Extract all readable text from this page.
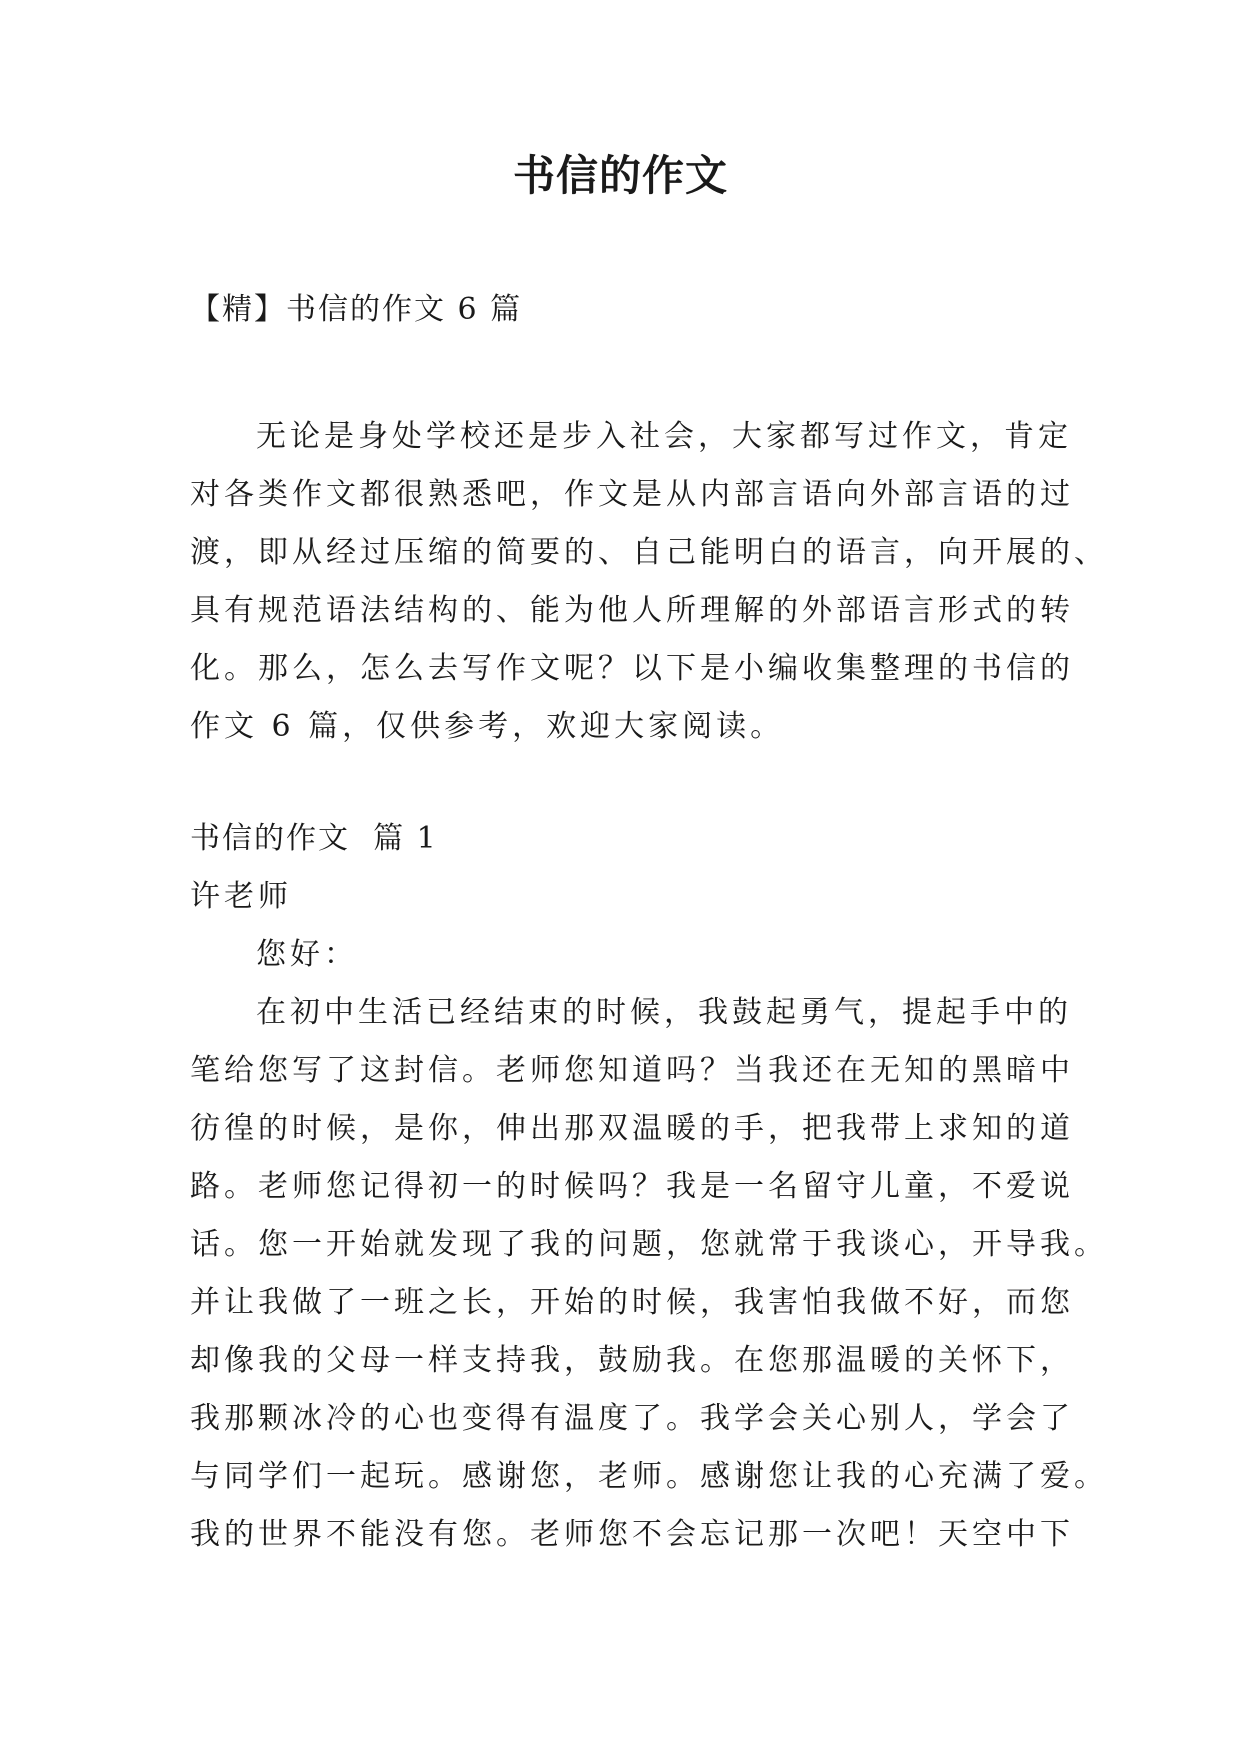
书信的作文
【精】书信的作文 6 篇
无论是身处学校还是步入社会，大家都写过作文，肯定
对各类作文都很熟悉吧，作文是从内部言语向外部言语的过
渡，即从经过压缩的简要的、自己能明白的语言，向开展的、
具有规范语法结构的、能为他人所理解的外部语言形式的转
化。那么，怎么去写作文呢？以下是小编收集整理的书信的
作文 6 篇，仅供参考，欢迎大家阅读。
书信的作文  篇 1
许老师
您好：
在初中生活已经结束的时候，我鼓起勇气，提起手中的
笔给您写了这封信。老师您知道吗？当我还在无知的黑暗中
彷徨的时候，是你，伸出那双温暖的手，把我带上求知的道
路。老师您记得初一的时候吗？我是一名留守儿童，不爱说
话。您一开始就发现了我的问题，您就常于我谈心，开导我。
并让我做了一班之长，开始的时候，我害怕我做不好，而您
却像我的父母一样支持我，鼓励我。在您那温暖的关怀下，
我那颗冰冷的心也变得有温度了。我学会关心别人，学会了
与同学们一起玩。感谢您，老师。感谢您让我的心充满了爱。
我的世界不能没有您。老师您不会忘记那一次吧！天空中下
